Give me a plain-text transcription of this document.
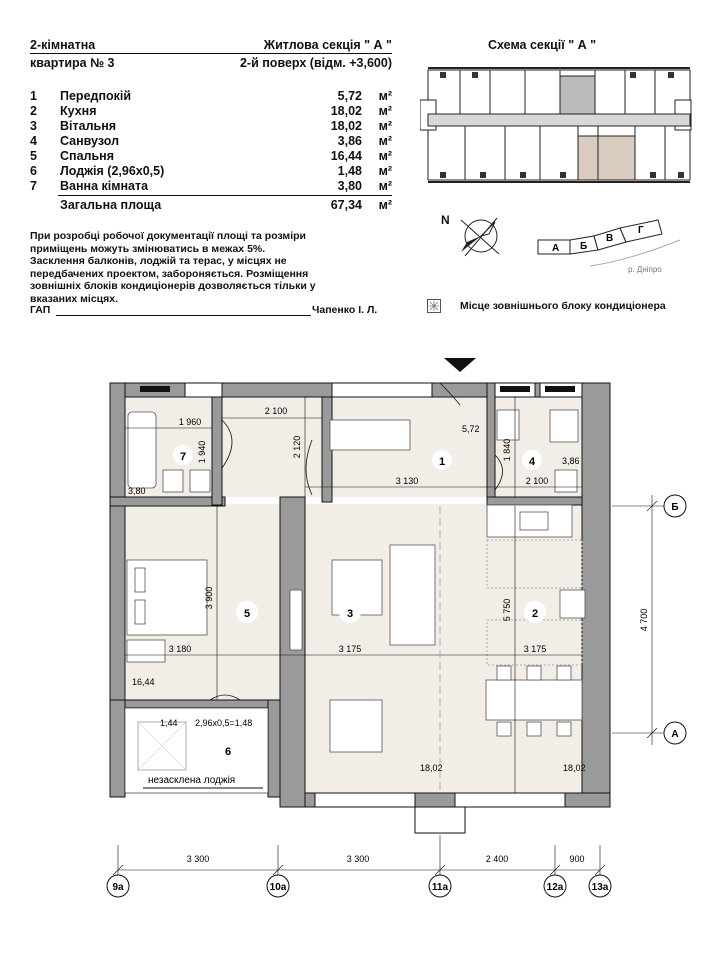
2-кімнатна	Житлова секція " А "
квартира № 3	2-й поверх (відм. +3,600)
1 Передпокій	5,72 м²
2 Кухня	18,02 м²
3 Вітальня	18,02 м²
4 Санвузол	3,86 м²
5 Спальня	16,44 м²
6 Лоджія (2,96x0,5)	1,48 м²
7 Ванна кімната	3,80 м²
Загальна площа	67,34 м²
При розробці робочої документації площі та розміри
приміщень можуть змінюватись в межах 5%.
Засклення балконів, лоджій та терас, у місцях не
передбачених проектом, забороняється. Розміщення
зовнішніх блоків кондиціонерів дозволяється тільки у
вказаних місцях.
ГАП	Чапенко І. Л.
Схема секції " А "
N
А Б
В
Г
р. Дніпро
Місце зовнішнього блоку кондиціонера
7	1	4
5	3	2
6
5,72
3,86
3,80
16,44
18,02	18,02
1,44 2,96x0,5=1,48
незасклена лоджія
1 960
2 100
3 130	2 100
3 180	3 175	3 175
1 940	2 120	1 840
3 900
5 750	4 700
Б
А
3 300	3 300	2 400	900
9а	10а	11а	12а	13а
